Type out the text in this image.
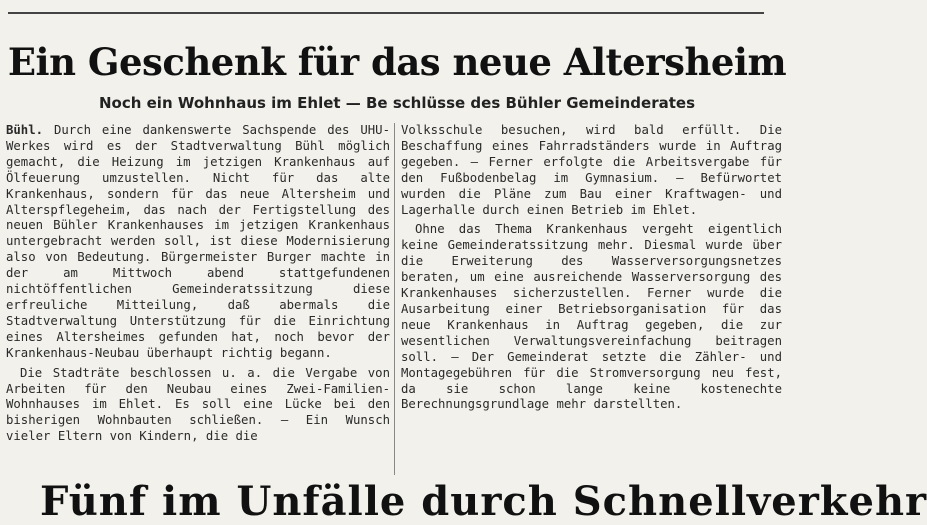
Ein Geschenk für das neue Altersheim
Noch ein Wohnhaus im Ehlet — Be schlüsse des Bühler Gemeinderates

Bühl. Durch eine dankenswerte Sachspende des UHU-Werkes wird es der Stadtverwaltung Bühl möglich gemacht, die Heizung im jetzigen Krankenhaus auf Ölfeuerung umzustellen. Nicht für das alte Krankenhaus, sondern für das neue Altersheim und Alterspflegeheim, das nach der Fertigstellung des neuen Bühler Krankenhauses im jetzigen Krankenhaus untergebracht werden soll, ist diese Modernisierung also von Bedeutung. Bürgermeister Burger machte in der am Mittwoch abend stattgefundenen nichtöffentlichen Gemeinderatssitzung diese erfreuliche Mitteilung, daß abermals die Stadtverwaltung Unterstützung für die Einrichtung eines Altersheimes gefunden hat, noch bevor der Krankenhaus-Neubau überhaupt richtig begann.

Die Stadträte beschlossen u. a. die Vergabe von Arbeiten für den Neubau eines Zwei-Familien-Wohnhauses im Ehlet. Es soll eine Lücke bei den bisherigen Wohnbauten schließen. — Ein Wunsch vieler Eltern von Kindern, die die

Volksschule besuchen, wird bald erfüllt. Die Beschaffung eines Fahrradständers wurde in Auftrag gegeben. — Ferner erfolgte die Arbeitsvergabe für den Fußbodenbelag im Gymnasium. — Befürwortet wurden die Pläne zum Bau einer Kraftwagen- und Lagerhalle durch einen Betrieb im Ehlet.

Ohne das Thema Krankenhaus vergeht eigentlich keine Gemeinderatssitzung mehr. Diesmal wurde über die Erweiterung des Wasserversorgungsnetzes beraten, um eine ausreichende Wasserversorgung des Krankenhauses sicherzustellen. Ferner wurde die Ausarbeitung einer Betriebsorganisation für das neue Krankenhaus in Auftrag gegeben, die zur wesentlichen Verwaltungsvereinfachung beitragen soll. — Der Gemeinderat setzte die Zähler- und Montagegebühren für die Stromversorgung neu fest, da sie schon lange keine kostenechte Berechnungsgrundlage mehr darstellten.

Fünf im Unfälle durch Schnellverkehr
